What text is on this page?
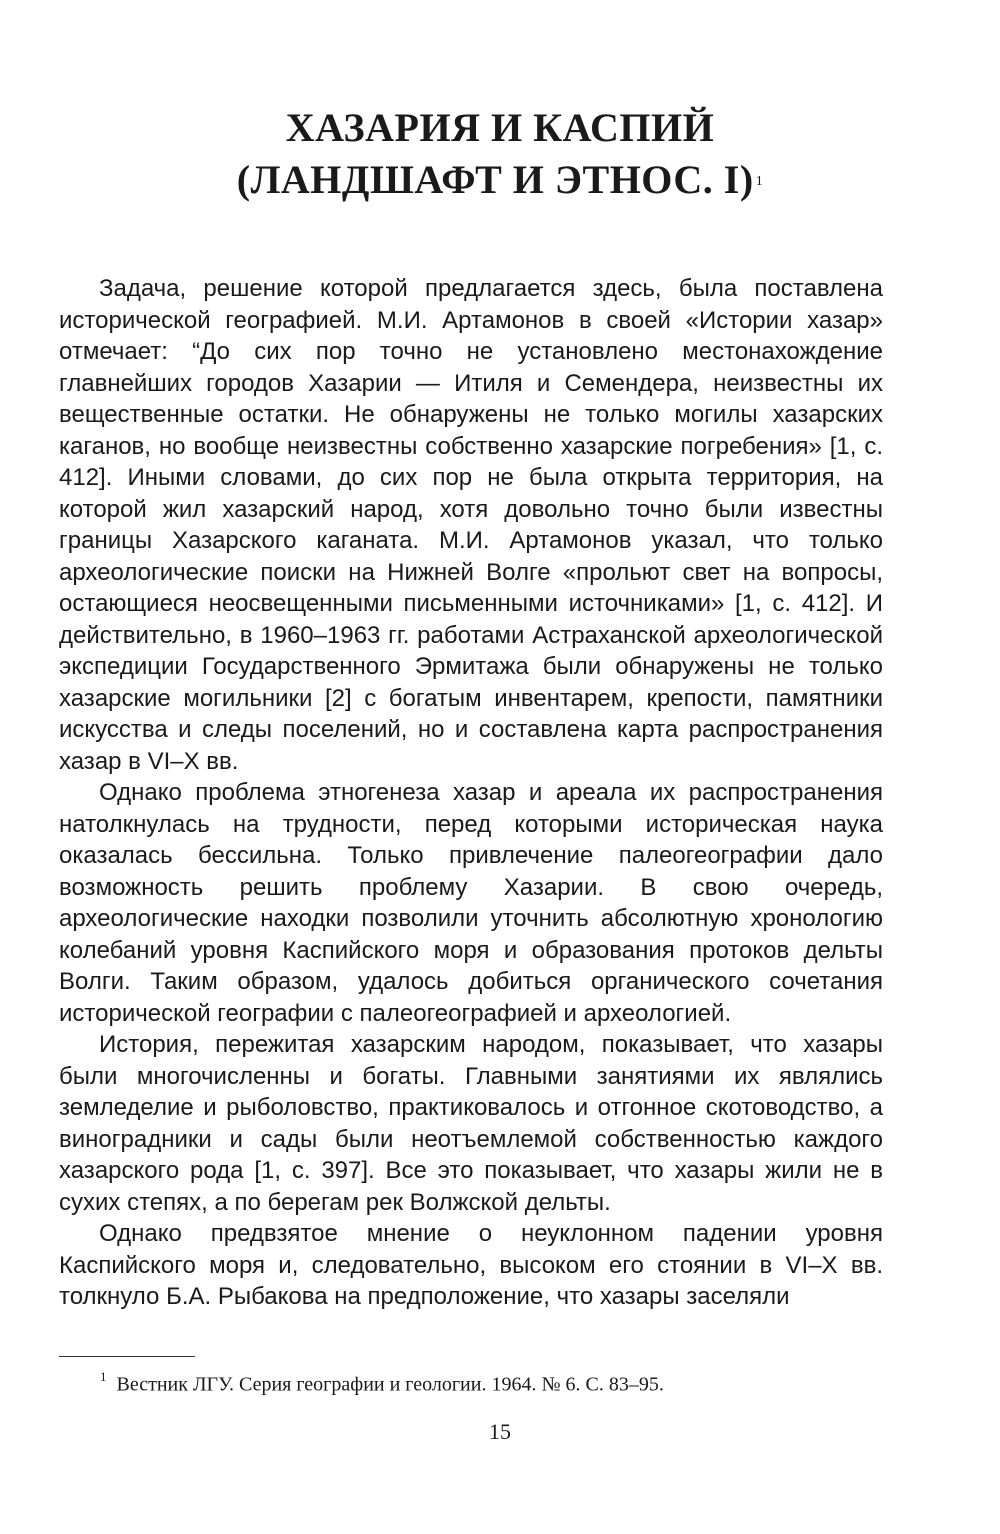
ХАЗАРИЯ И КАСПИЙ
(ЛАНДШАФТ И ЭТНОС. I) $^1$

Задача, решение которой предлагается здесь, была поставлена исторической географией. М.И. Артамонов в своей «Истории хазар» отмечает: “До сих пор точно не установлено местонахождение главнейших городов Хазарии — Итиля и Семендера, неизвестны их вещественные остатки. Не обнаружены не только могилы хазарских каганов, но вообще неизвестны собственно хазарские погребения» [1, с. 412]. Иными словами, до сих пор не была открыта территория, на которой жил хазарский народ, хотя довольно точно были известны границы Хазарского каганата. М.И. Артамонов указал, что только археологические поиски на Нижней Волге «прольют свет на вопросы, остающиеся неосвещенными письменными источниками» [1, с. 412]. И действительно, в 1960–1963 гг. работами Астраханской археологической экспедиции Государственного Эрмитажа были обнаружены не только хазарские могильники [2] с богатым инвентарем, крепости, памятники искусства и следы поселений, но и составлена карта распространения хазар в VI–X вв.

Однако проблема этногенеза хазар и ареала их распространения натолкнулась на трудности, перед которыми историческая наука оказалась бессильна. Только привлечение палеогеографии дало возможность решить проблему Хазарии. В свою очередь, археологические находки позволили уточнить абсолютную хронологию колебаний уровня Каспийского моря и образования протоков дельты Волги. Таким образом, удалось добиться органического сочетания исторической географии с палеогеографией и археологией.

История, пережитая хазарским народом, показывает, что хазары были многочисленны и богаты. Главными занятиями их являлись земледелие и рыболовство, практиковалось и отгонное скотоводство, а виноградники и сады были неотъемлемой собственностью каждого хазарского рода [1, с. 397]. Все это показывает, что хазары жили не в сухих степях, а по берегам рек Волжской дельты.

Однако предвзятое мнение о неуклонном падении уровня Каспийского моря и, следовательно, высоком его стоянии в VI–X вв. толкнуло Б.А. Рыбакова на предположение, что хазары заселяли

$^1$ Вестник ЛГУ. Серия географии и геологии. 1964. № 6. С. 83–95.
15
